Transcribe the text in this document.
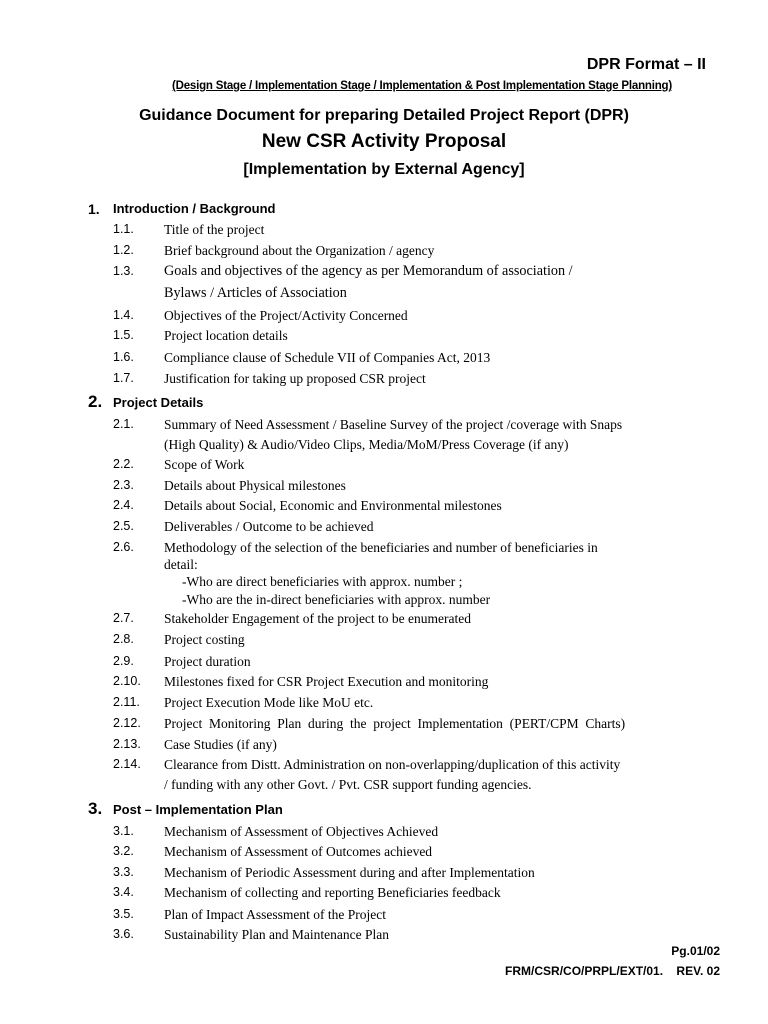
DPR Format – II
(Design Stage / Implementation Stage / Implementation & Post Implementation Stage Planning)
Guidance Document for preparing Detailed Project Report (DPR)
New CSR Activity Proposal
[Implementation by External Agency]
1. Introduction / Background
1.1. Title of the project
1.2. Brief background about the Organization / agency
1.3. Goals and objectives of the agency as per Memorandum of association /
Bylaws / Articles of Association
1.4. Objectives of the Project/Activity Concerned
1.5. Project location details
1.6. Compliance clause of Schedule VII of Companies Act, 2013
1.7. Justification for taking up proposed CSR project
2. Project Details
2.1. Summary of Need Assessment / Baseline Survey of the project /coverage with Snaps
(High Quality) & Audio/Video Clips, Media/MoM/Press Coverage (if any)
2.2. Scope of Work
2.3. Details about Physical milestones
2.4. Details about Social, Economic and Environmental milestones
2.5. Deliverables / Outcome to be achieved
2.6. Methodology of the selection of the beneficiaries and number of beneficiaries in
detail:
-Who are direct beneficiaries with approx. number ;
-Who are the in-direct beneficiaries with approx. number
2.7. Stakeholder Engagement of the project to be enumerated
2.8. Project costing
2.9. Project duration
2.10. Milestones fixed for CSR Project Execution and monitoring
2.11. Project Execution Mode like MoU etc.
2.12. Project  Monitoring  Plan  during  the  project  Implementation  (PERT/CPM  Charts)
2.13. Case Studies (if any)
2.14. Clearance from Distt. Administration on non-overlapping/duplication of this activity
/ funding with any other Govt. / Pvt. CSR support funding agencies.
3. Post – Implementation Plan
3.1. Mechanism of Assessment of Objectives Achieved
3.2. Mechanism of Assessment of Outcomes achieved
3.3. Mechanism of Periodic Assessment during and after Implementation
3.4. Mechanism of collecting and reporting Beneficiaries feedback
3.5. Plan of Impact Assessment of the Project
3.6. Sustainability Plan and Maintenance Plan
Pg.01/02
FRM/CSR/CO/PRPL/EXT/01.    REV. 02
